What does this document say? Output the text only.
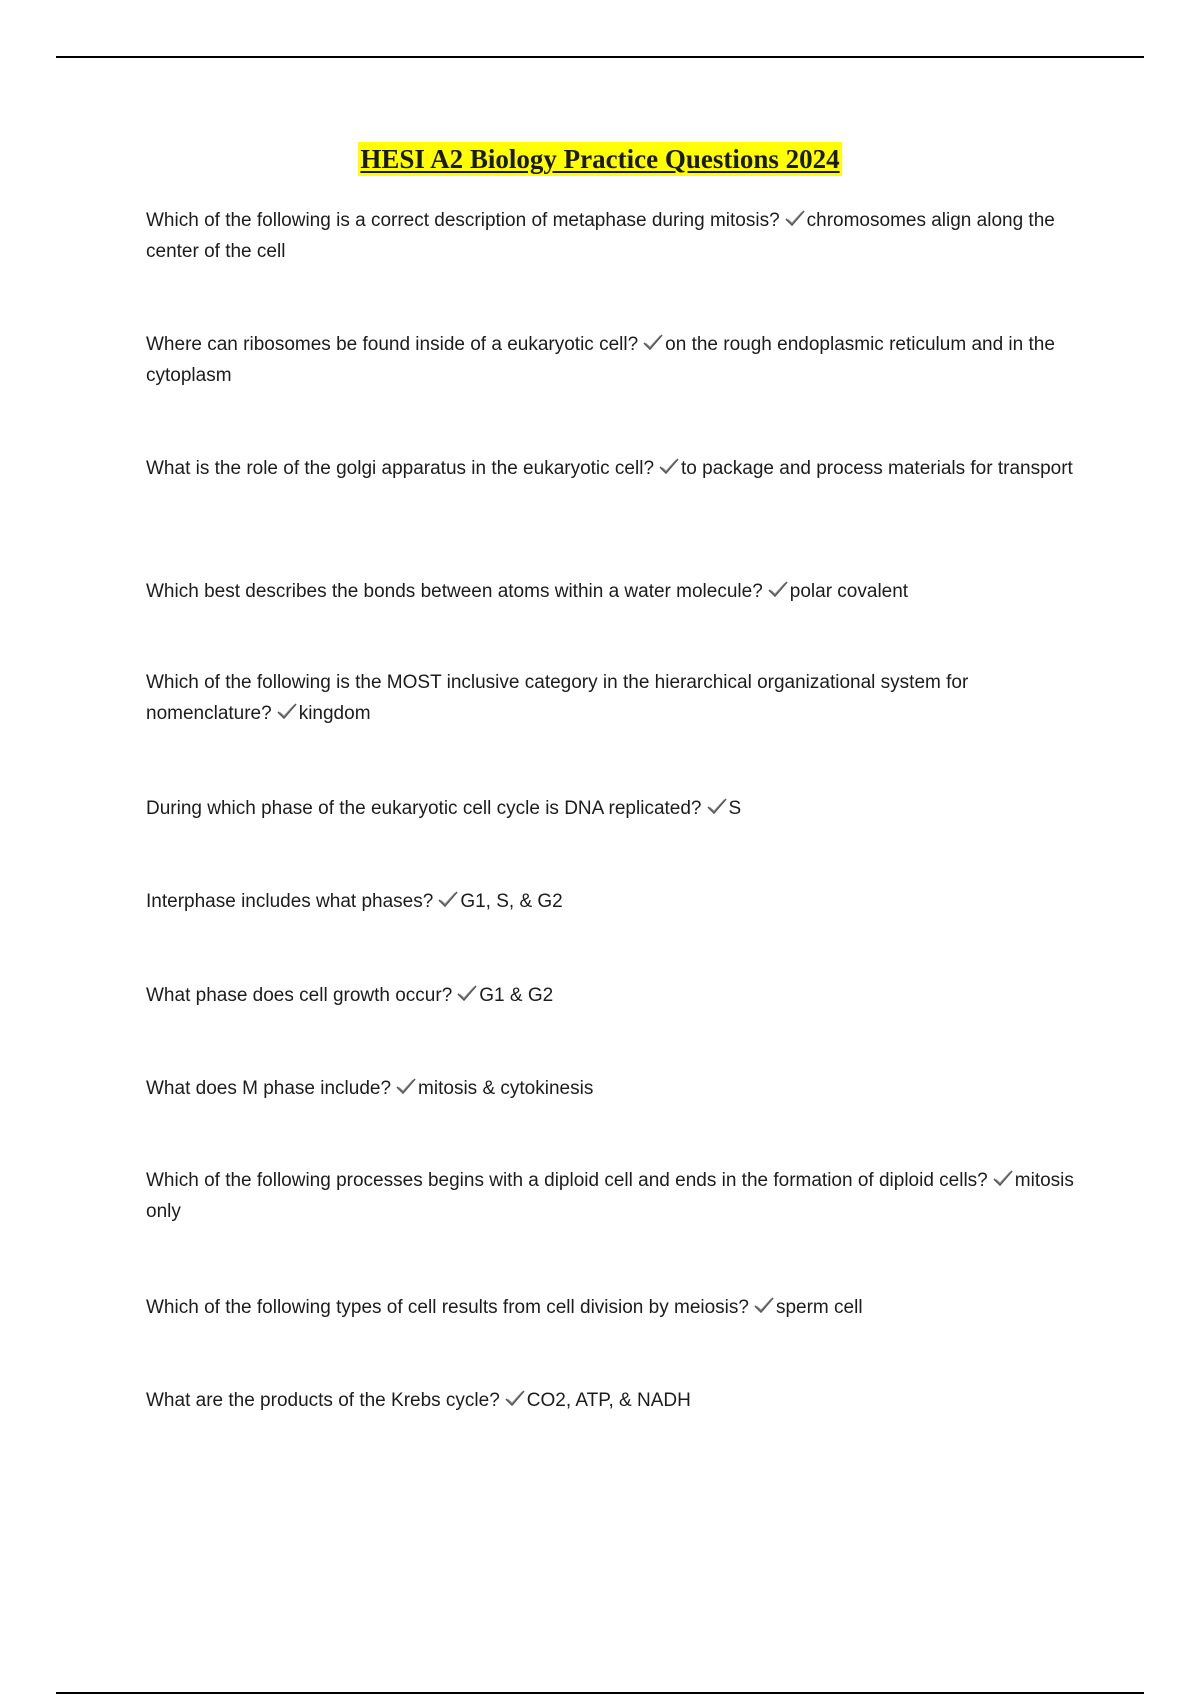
HESI A2 Biology Practice Questions 2024
Which of the following is a correct description of metaphase during mitosis? chromosomes align along the center of the cell
Where can ribosomes be found inside of a eukaryotic cell? on the rough endoplasmic reticulum and in the cytoplasm
What is the role of the golgi apparatus in the eukaryotic cell? to package and process materials for transport
Which best describes the bonds between atoms within a water molecule? polar covalent
Which of the following is the MOST inclusive category in the hierarchical organizational system for nomenclature? kingdom
During which phase of the eukaryotic cell cycle is DNA replicated? S
Interphase includes what phases? G1, S, & G2
What phase does cell growth occur? G1 & G2
What does M phase include? mitosis & cytokinesis
Which of the following processes begins with a diploid cell and ends in the formation of diploid cells? mitosis only
Which of the following types of cell results from cell division by meiosis? sperm cell
What are the products of the Krebs cycle? CO2, ATP, & NADH
